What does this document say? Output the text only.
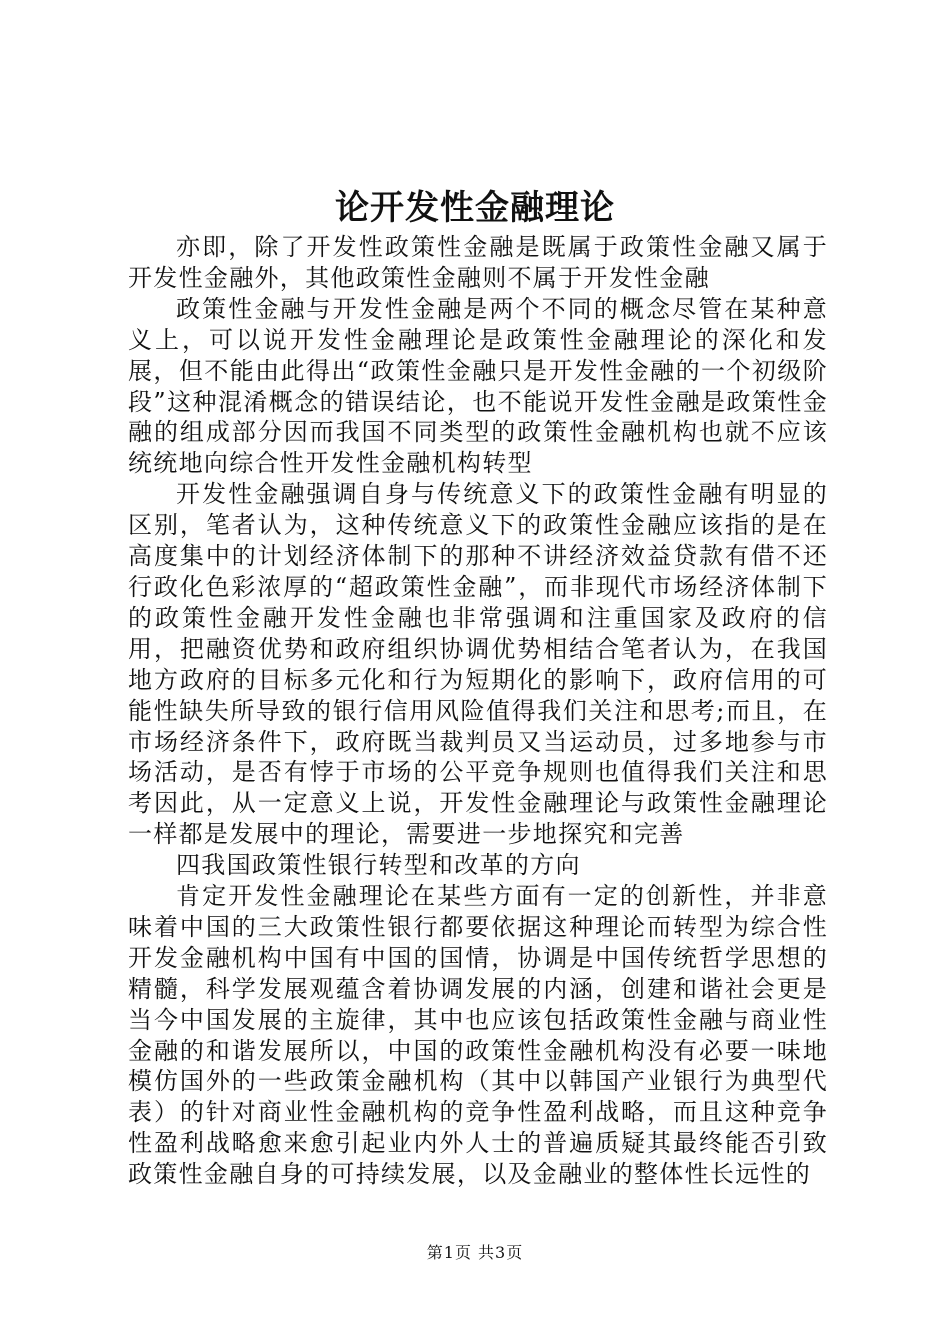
论开发性金融理论

亦即，除了开发性政策性金融是既属于政策性金融又属于开发性金融外，其他政策性金融则不属于开发性金融

政策性金融与开发性金融是两个不同的概念尽管在某种意义上，可以说开发性金融理论是政策性金融理论的深化和发展，但不能由此得出“政策性金融只是开发性金融的一个初级阶段”这种混淆概念的错误结论，也不能说开发性金融是政策性金融的组成部分因而我国不同类型的政策性金融机构也就不应该统统地向综合性开发性金融机构转型

开发性金融强调自身与传统意义下的政策性金融有明显的区别，笔者认为，这种传统意义下的政策性金融应该指的是在高度集中的计划经济体制下的那种不讲经济效益贷款有借不还行政化色彩浓厚的“超政策性金融”，而非现代市场经济体制下的政策性金融开发性金融也非常强调和注重国家及政府的信用，把融资优势和政府组织协调优势相结合笔者认为，在我国地方政府的目标多元化和行为短期化的影响下，政府信用的可能性缺失所导致的银行信用风险值得我们关注和思考;而且，在市场经济条件下，政府既当裁判员又当运动员，过多地参与市场活动，是否有悖于市场的公平竞争规则也值得我们关注和思考因此，从一定意义上说，开发性金融理论与政策性金融理论一样都是发展中的理论，需要进一步地探究和完善

四我国政策性银行转型和改革的方向

肯定开发性金融理论在某些方面有一定的创新性，并非意味着中国的三大政策性银行都要依据这种理论而转型为综合性开发金融机构中国有中国的国情，协调是中国传统哲学思想的精髓，科学发展观蕴含着协调发展的内涵，创建和谐社会更是当今中国发展的主旋律，其中也应该包括政策性金融与商业性金融的和谐发展所以，中国的政策性金融机构没有必要一味地模仿国外的一些政策金融机构（其中以韩国产业银行为典型代表）的针对商业性金融机构的竞争性盈利战略，而且这种竞争性盈利战略愈来愈引起业内外人士的普遍质疑其最终能否引致政策性金融自身的可持续发展，以及金融业的整体性长远性的

第1页 共3页
